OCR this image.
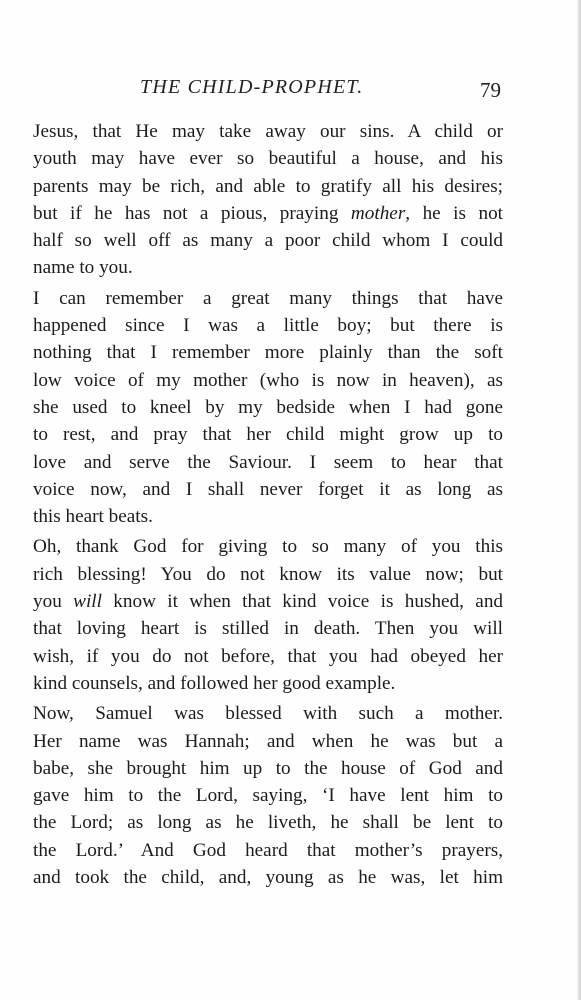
THE CHILD-PROPHET.	79

Jesus, that He may take away our sins. A child or
youth may have ever so beautiful a house, and his
parents may be rich, and able to gratify all his desires;
but if he has not a pious, praying mother, he is not
half so well off as many a poor child whom I could
name to you.

I can remember a great many things that have
happened since I was a little boy; but there is
nothing that I remember more plainly than the soft
low voice of my mother (who is now in heaven), as
she used to kneel by my bedside when I had gone
to rest, and pray that her child might grow up to
love and serve the Saviour. I seem to hear that
voice now, and I shall never forget it as long as
this heart beats.

Oh, thank God for giving to so many of you this
rich blessing! You do not know its value now; but
you will know it when that kind voice is hushed, and
that loving heart is stilled in death. Then you will
wish, if you do not before, that you had obeyed her
kind counsels, and followed her good example.

Now, Samuel was blessed with such a mother.
Her name was Hannah; and when he was but a
babe, she brought him up to the house of God and
gave him to the Lord, saying, ‘I have lent him to
the Lord; as long as he liveth, he shall be lent to
the Lord.’ And God heard that mother’s prayers,
and took the child, and, young as he was, let him
